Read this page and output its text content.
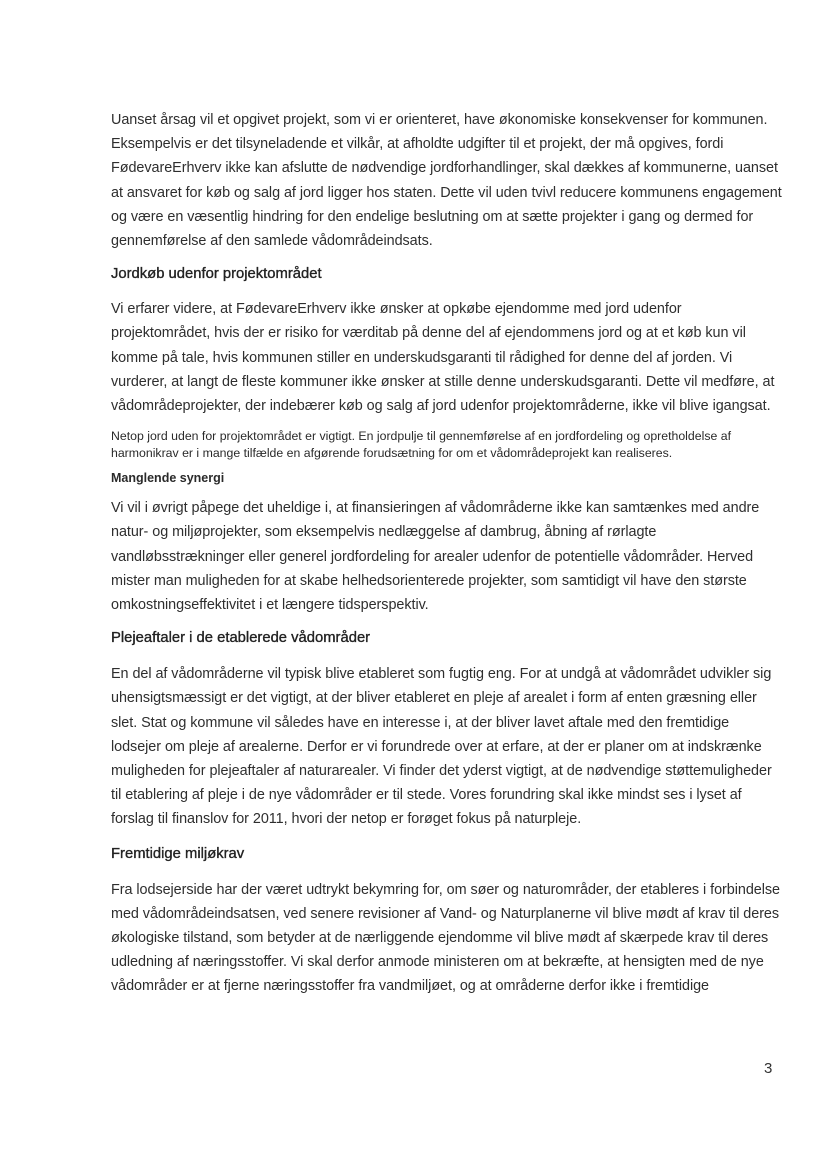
Uanset årsag vil et opgivet projekt, som vi er orienteret, have økonomiske konsekvenser for kommunen. Eksempelvis er det tilsyneladende et vilkår, at afholdte udgifter til et projekt, der må opgives, fordi FødevareErhverv ikke kan afslutte de nødvendige jordforhandlinger, skal dækkes af kommunerne, uanset at ansvaret for køb og salg af jord ligger hos staten. Dette vil uden tvivl reducere kommunens engagement og være en væsentlig hindring for den endelige beslutning om at sætte projekter i gang og dermed for gennemførelse af den samlede vådområdeindsats.

Jordkøb udenfor projektområdet

Vi erfarer videre, at FødevareErhverv ikke ønsker at opkøbe ejendomme med jord udenfor projektområdet, hvis der er risiko for værditab på denne del af ejendommens jord og at et køb kun vil komme på tale, hvis kommunen stiller en underskudsgaranti til rådighed for denne del af jorden. Vi vurderer, at langt de fleste kommuner ikke ønsker at stille denne underskudsgaranti. Dette vil medføre, at vådområdeprojekter, der indebærer køb og salg af jord udenfor projektområderne, ikke vil blive igangsat.

Netop jord uden for projektområdet er vigtigt. En jordpulje til gennemførelse af en jordfordeling og opretholdelse af harmonikrav er i mange tilfælde en afgørende forudsætning for om et vådområdeprojekt kan realiseres.

Manglende synergi

Vi vil i øvrigt påpege det uheldige i, at finansieringen af vådområderne ikke kan samtænkes med andre natur- og miljøprojekter, som eksempelvis nedlæggelse af dambrug, åbning af rørlagte vandløbsstrækninger eller generel jordfordeling for arealer udenfor de potentielle vådområder. Herved mister man muligheden for at skabe helhedsorienterede projekter, som samtidigt vil have den største omkostningseffektivitet i et længere tidsperspektiv.

Plejeaftaler i de etablerede vådområder

En del af vådområderne vil typisk blive etableret som fugtig eng. For at undgå at vådområdet udvikler sig uhensigtsmæssigt er det vigtigt, at der bliver etableret en pleje af arealet i form af enten græsning eller slet. Stat og kommune vil således have en interesse i, at der bliver lavet aftale med den fremtidige lodsejer om pleje af arealerne. Derfor er vi forundrede over at erfare, at der er planer om at indskrænke muligheden for plejeaftaler af naturarealer. Vi finder det yderst vigtigt, at de nødvendige støttemuligheder til etablering af pleje i de nye vådområder er til stede. Vores forundring skal ikke mindst ses i lyset af forslag til finanslov for 2011, hvori der netop er forøget fokus på naturpleje.

Fremtidige miljøkrav

Fra lodsejerside har der været udtrykt bekymring for, om søer og naturområder, der etableres i forbindelse med vådområdeindsatsen, ved senere revisioner af Vand- og Naturplanerne vil blive mødt af krav til deres økologiske tilstand, som betyder at de nærliggende ejendomme vil blive mødt af skærpede krav til deres udledning af næringsstoffer. Vi skal derfor anmode ministeren om at bekræfte, at hensigten med de nye vådområder er at fjerne næringsstoffer fra vandmiljøet, og at områderne derfor ikke i fremtidige

3
